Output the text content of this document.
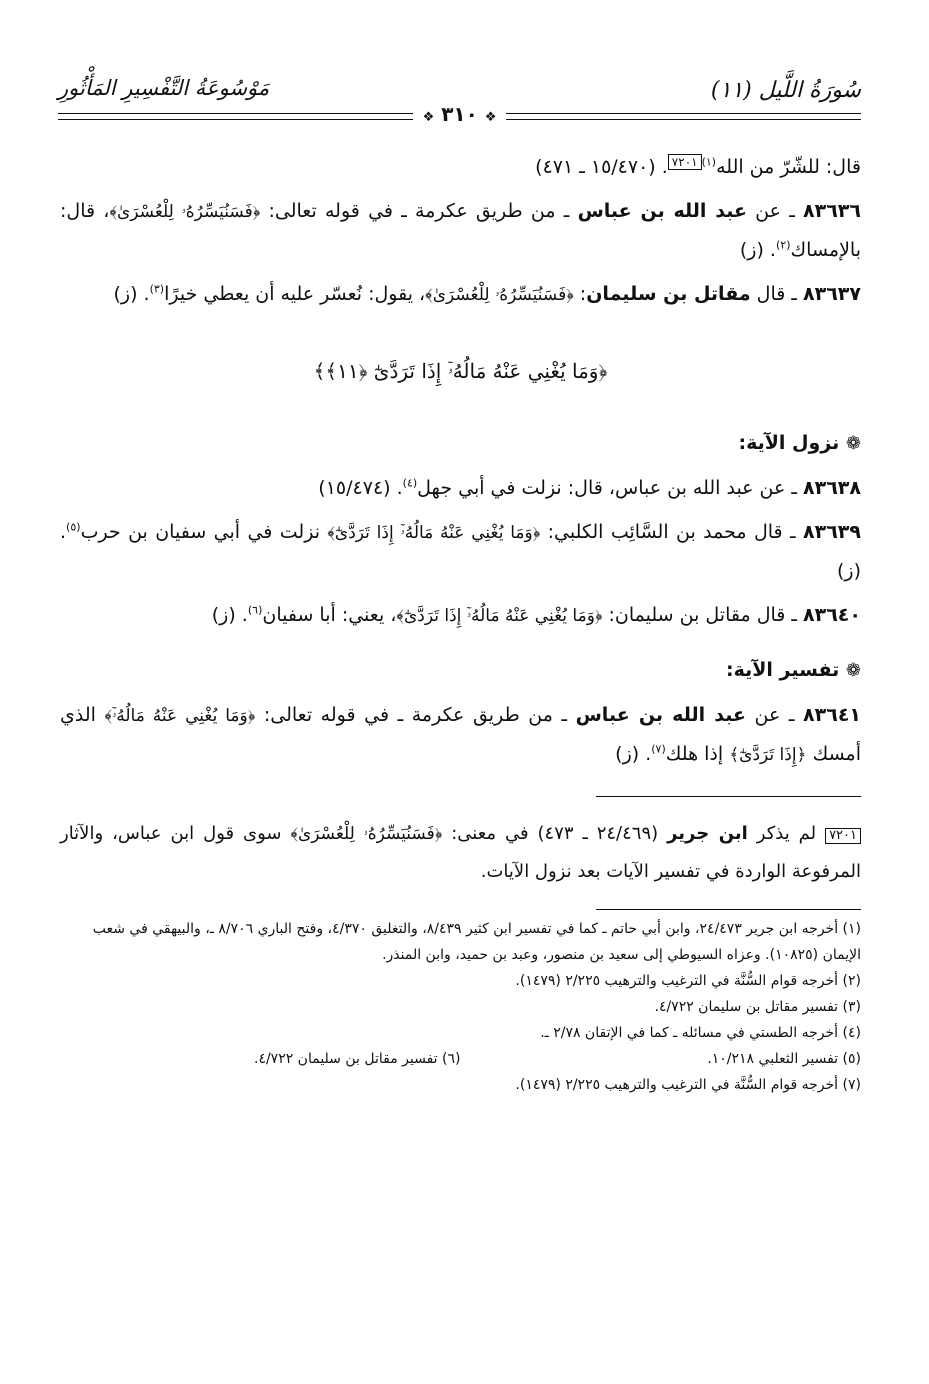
سُورَةُ اللَّيل (١١)
مَوْسُوعَةُ التَّفْسِيرِ المَأْثُورِ
❖ ٣١٠ ❖

قال: للشّرّ من الله$^{(١)}$٧٢٠١. (١٥/٤٧٠ ـ ٤٧١)

٨٣٦٣٦ ـ عن عبد الله بن عباس ـ من طريق عكرمة ـ في قوله تعالى: ﴿فَسَنُيَسِّرُهُۥ لِلْعُسْرَىٰ﴾، قال: بالإمساك$^{(٢)}$. (ز)

٨٣٦٣٧ ـ قال مقاتل بن سليمان: ﴿فَسَنُيَسِّرُهُۥ لِلْعُسْرَىٰ﴾، يقول: نُعسّر عليه أن يعطي خيرًا$^{(٣)}$. (ز)

﴿وَمَا يُغْنِي عَنْهُ مَالُهُۥٓ إِذَا تَرَدَّىٰٓ ﴿١١﴾﴾
❁ نزول الآية:

٨٣٦٣٨ ـ عن عبد الله بن عباس، قال: نزلت في أبي جهل$^{(٤)}$. (١٥/٤٧٤)

٨٣٦٣٩ ـ قال محمد بن السَّائِب الكلبي: ﴿وَمَا يُغْنِي عَنْهُ مَالُهُۥٓ إِذَا تَرَدَّىٰٓ﴾ نزلت في أبي سفيان بن حرب$^{(٥)}$. (ز)

٨٣٦٤٠ ـ قال مقاتل بن سليمان: ﴿وَمَا يُغْنِي عَنْهُ مَالُهُۥٓ إِذَا تَرَدَّىٰٓ﴾، يعني: أبا سفيان$^{(٦)}$. (ز)

❁ تفسير الآية:

٨٣٦٤١ ـ عن عبد الله بن عباس ـ من طريق عكرمة ـ في قوله تعالى: ﴿وَمَا يُغْنِي عَنْهُ مَالُهُۥٓ﴾ الذي أمسك ﴿إِذَا تَرَدَّىٰٓ﴾ إذا هلك$^{(٧)}$. (ز)

٧٢٠١ لم يذكر ابن جرير (٢٤/٤٦٩ ـ ٤٧٣) في معنى: ﴿فَسَنُيَسِّرُهُۥ لِلْعُسْرَىٰ﴾ سوى قول ابن عباس، والآثار المرفوعة الواردة في تفسير الآيات بعد نزول الآيات.

(١) أخرجه ابن جرير ٢٤/٤٧٣، وابن أبي حاتم ـ كما في تفسير ابن كثير ٨/٤٣٩، والتغليق ٤/٣٧٠، وفتح الباري ٨/٧٠٦ ـ، والبيهقي في شعب الإيمان (١٠٨٢٥). وعزاه السيوطي إلى سعيد بن منصور، وعبد بن حميد، وابن المنذر.

(٢) أخرجه قوام السُّنَّة في الترغيب والترهيب ٢/٢٢٥ (١٤٧٩).

(٣) تفسير مقاتل بن سليمان ٤/٧٢٢.

(٤) أخرجه الطستي في مسائله ـ كما في الإتقان ٢/٧٨ ـ.

(٥) تفسير الثعلبي ١٠/٢١٨.

(٦) تفسير مقاتل بن سليمان ٤/٧٢٢.

(٧) أخرجه قوام السُّنَّة في الترغيب والترهيب ٢/٢٢٥ (١٤٧٩).
